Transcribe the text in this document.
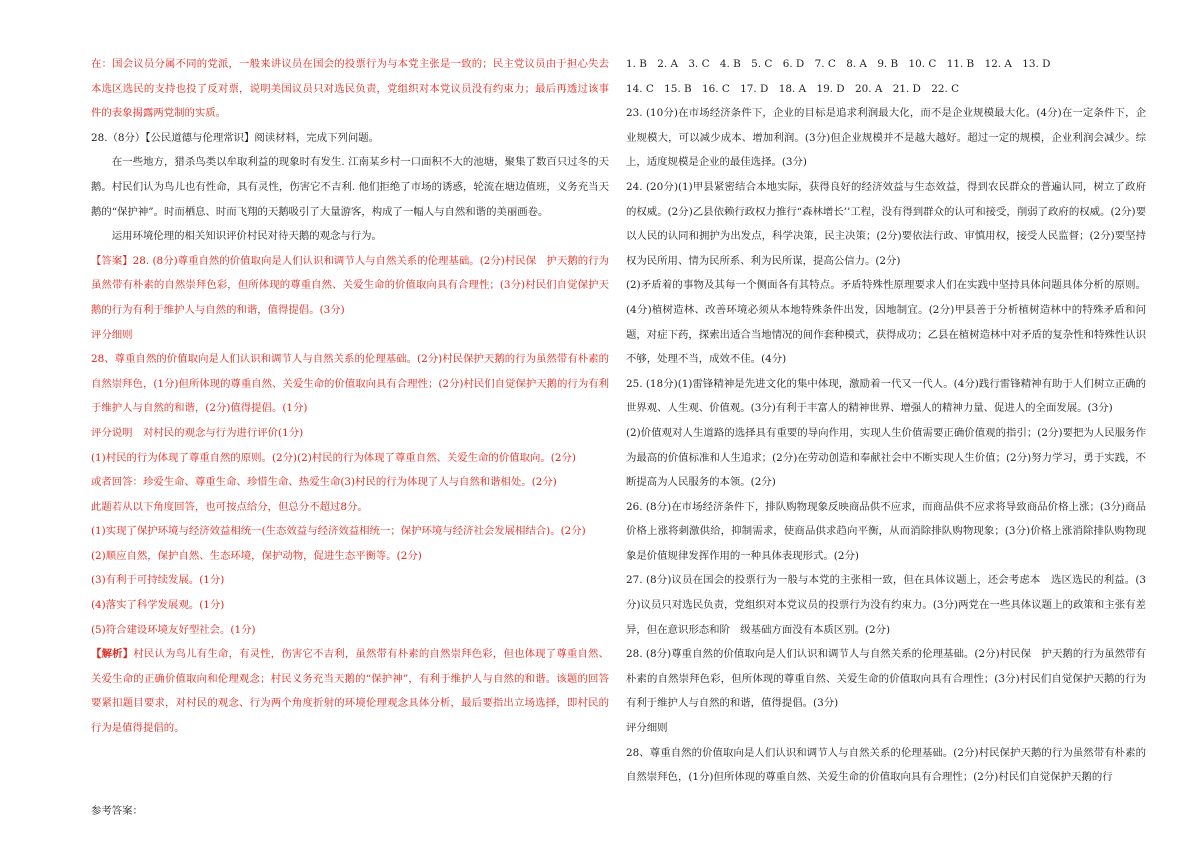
在：国会议员分属不同的党派，一般来讲议员在国会的投票行为与本党主张是一致的；民主党议员由于担心失去本选区选民的支持也投了反对票，说明美国议员只对选民负责，党组织对本党议员没有约束力；最后再透过该事件的表象揭露两党制的实质。

28.（8分）【公民道德与伦理常识】阅读材料，完成下列问题。

在一些地方，猎杀鸟类以牟取利益的现象时有发生. 江南某乡村一口面积不大的池塘，聚集了数百只过冬的天鹅。村民们认为鸟儿也有性命，具有灵性，伤害它不吉利. 他们拒绝了市场的诱惑，轮流在塘边值班，义务充当天鹅的“保护神”。时而栖息、时而飞翔的天鹅吸引了大量游客，构成了一幅人与自然和谐的美丽画卷。

运用环境伦理的相关知识评价村民对待天鹅的观念与行为。

【答案】28. (8分)尊重自然的价值取向是人们认识和调节人与自然关系的伦理基础。(2分)村民保　护天鹅的行为虽然带有朴素的自然崇拜色彩，但所体现的尊重自然、关爱生命的价值取向具有合理性；(3分)村民们自觉保护天鹅的行为有利于维护人与自然的和谐，值得提倡。(3分)

评分细则

28、尊重自然的价值取向是人们认识和调节人与自然关系的伦理基础。(2分)村民保护天鹅的行为虽然带有朴素的自然崇拜色，(1分)但所体现的尊重自然、关爱生命的价值取向具有合理性；(2分)村民们自觉保护天鹅的行为有利于维护人与自然的和谐，(2分)值得提倡。(1分)

评分说明　对村民的观念与行为进行评价(1分)

(1)村民的行为体现了尊重自然的原则。(2分)(2)村民的行为体现了尊重自然、关爱生命的价值取向。(2分)

或者回答：珍爱生命、尊重生命、珍惜生命、热爱生命(3)村民的行为体现了人与自然和谐相处。(2分)

此题若从以下角度回答，也可按点给分，但总分不超过8分。

(1)实现了保护环境与经济效益相统一(生态效益与经济效益相统一；保护环境与经济社会发展相结合)。(2分)

(2)顺应自然，保护自然、生态环境，保护动物，促进生态平衡等。(2分)

(3)有利于可持续发展。(1分)

(4)落实了科学发展观。(1分)

(5)符合建设环境友好型社会。(1分)

【解析】村民认为鸟儿有生命，有灵性，伤害它不吉利，虽然带有朴素的自然崇拜色彩，但也体现了尊重自然、关爱生命的正确价值取向和伦理观念；村民义务充当天鹅的“保护神”，有利于维护人与自然的和谐。该题的回答要紧扣题目要求，对村民的观念、行为两个角度折射的环境伦理观念具体分析，最后要指出立场选择，即村民的行为是值得提倡的。

参考答案：

1. B　2. A　3. C　4. B　5. C　6. D　7. C　8. A　9. B　10. C　11. B　12. A　13. D

14. C　15. B　16. C　17. D　18. A　19. D　20. A　21. D　22. C

23. (10分)在市场经济条件下，企业的目标是追求利润最大化，而不是企业规模最大化。(4分)在一定条件下，企业规模大，可以减少成本、增加利润。(3分)但企业规模并不是越大越好。超过一定的规模，企业利润会减少。综上，适度规模是企业的最佳选择。(3分)

24. (20分)(1)甲县紧密结合本地实际，获得良好的经济效益与生态效益，得到农民群众的普遍认同，树立了政府的权威。(2分)乙县依赖行政权力推行“森林增长’’工程，没有得到群众的认可和接受，削弱了政府的权威。(2分)要以人民的认同和拥护为出发点，科学决策，民主决策；(2分)要依法行政、审慎用权，接受人民监督；(2分)要坚持权为民所用、情为民所系、利为民所谋，提高公信力。(2分)

(2)矛盾着的事物及其每一个侧面各有其特点。矛盾特殊性原理要求人们在实践中坚持具体问题具体分析的原则。(4分)植树造林、改善环境必须从本地特殊条件出发，因地制宜。(2分)甲县善于分析植树造林中的特殊矛盾和问题，对症下药，探索出适合当地情况的间作套种模式，获得成功；乙县在植树造林中对矛盾的复杂性和特殊性认识不够，处理不当，成效不佳。(4分)

25. (18分)(1)雷锋精神是先进文化的集中体现，激励着一代又一代人。(4分)践行雷锋精神有助于人们树立正确的世界观、人生观、价值观。(3分)有利于丰富人的精神世界、增强人的精神力量、促进人的全面发展。(3分)

(2)价值观对人生道路的选择具有重要的导向作用，实现人生价值需要正确价值观的指引；(2分)要把为人民服务作为最高的价值标准和人生追求；(2分)在劳动创造和奉献社会中不断实现人生价值；(2分)努力学习，勇于实践，不断提高为人民服务的本领。(2分)

26. (8分)在市场经济条件下，排队购物现象反映商品供不应求，而商品供不应求将导致商品价格上涨；(3分)商品价格上涨将刺激供给，抑制需求，使商品供求趋向平衡，从而消除排队购物现象；(3分)价格上涨消除排队购物现象是价值规律发挥作用的一种具体表现形式。(2分)

27. (8分)议员在国会的投票行为一般与本党的主张相一致，但在具体议题上，还会考虑本　选区选民的利益。(3分)议员只对选民负责，党组织对本党议员的投票行为没有约束力。(3分)两党在一些具体议题上的政策和主张有差异，但在意识形态和阶　级基础方面没有本质区别。(2分)

28. (8分)尊重自然的价值取向是人们认识和调节人与自然关系的伦理基础。(2分)村民保　护天鹅的行为虽然带有朴素的自然崇拜色彩，但所体现的尊重自然、关爱生命的价值取向具有合理性；(3分)村民们自觉保护天鹅的行为有利于维护人与自然的和谐，值得提倡。(3分)

评分细则

28、尊重自然的价值取向是人们认识和调节人与自然关系的伦理基础。(2分)村民保护天鹅的行为虽然带有朴素的自然崇拜色，(1分)但所体现的尊重自然、关爱生命的价值取向具有合理性；(2分)村民们自觉保护天鹅的行
